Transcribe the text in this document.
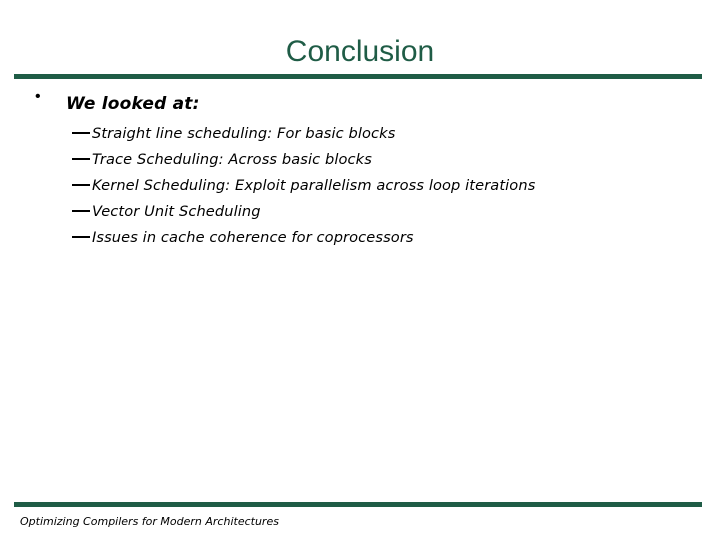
Conclusion
• We looked at:
Straight line scheduling: For basic blocks
Trace Scheduling: Across basic blocks
Kernel Scheduling: Exploit parallelism across loop iterations
Vector Unit Scheduling
Issues in cache coherence for coprocessors
Optimizing Compilers for Modern Architectures
